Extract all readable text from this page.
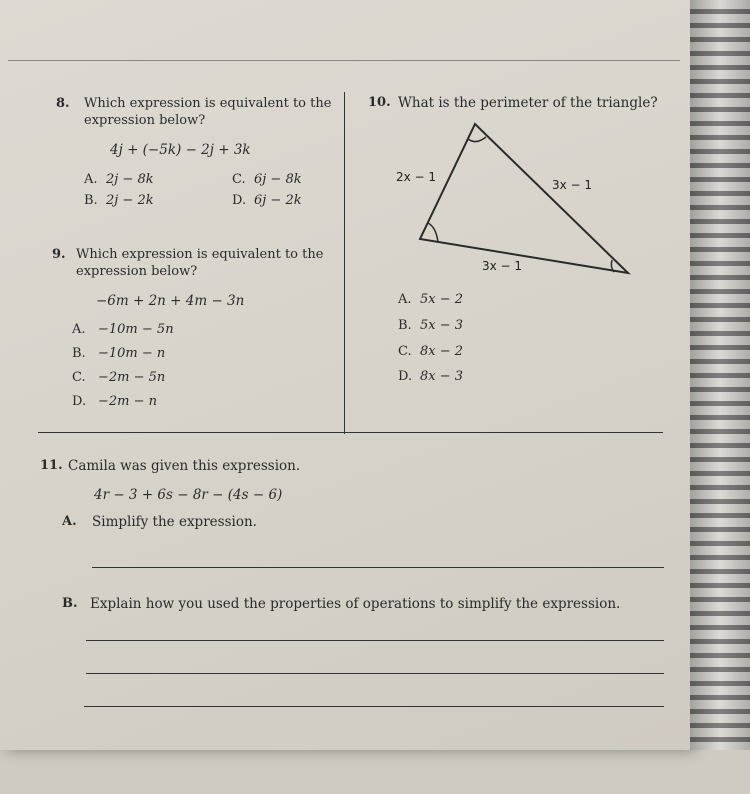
8. Which expression is equivalent to the
expression below?
4j + (−5k) − 2j + 3k
A. 2j − 8k
B. 2j − 2k
C. 6j − 8k
D. 6j − 2k
9. Which expression is equivalent to the
expression below?
−6m + 2n + 4m − 3n
A. −10m − 5n
B. −10m − n
C. −2m − 5n
D. −2m − n
10. What is the perimeter of the triangle?
2x − 1
3x − 1
3x − 1
A. 5x − 2
B. 5x − 3
C. 8x − 2
D. 8x − 3
11. Camila was given this expression.
4r − 3 + 6s − 8r − (4s − 6)
A. Simplify the expression.
B. Explain how you used the properties of operations to simplify the expression.
